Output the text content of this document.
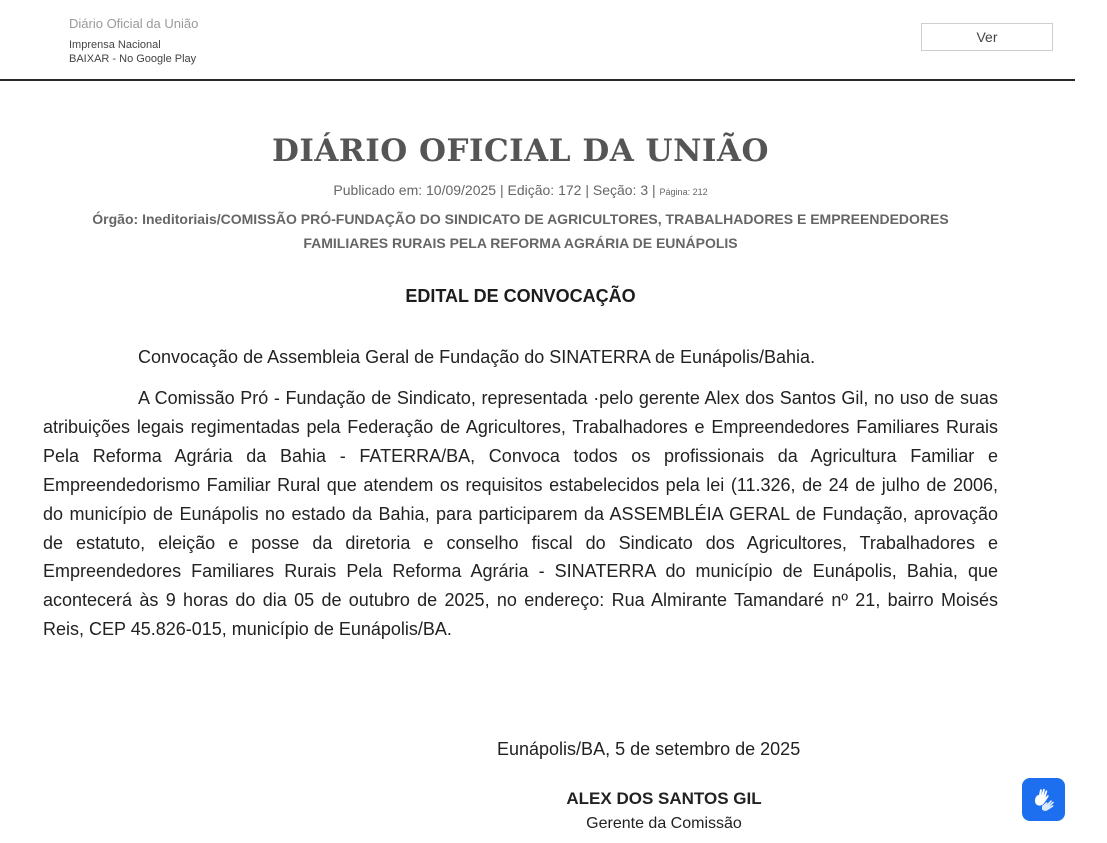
Diário Oficial da União
Imprensa Nacional
BAIXAR - No Google Play
Ver
DIÁRIO OFICIAL DA UNIÃO
Publicado em: 10/09/2025 | Edição: 172 | Seção: 3 | Página: 212
Órgão: Ineditoriais/COMISSÃO PRÓ-FUNDAÇÃO DO SINDICATO DE AGRICULTORES, TRABALHADORES E EMPREENDEDORES FAMILIARES RURAIS PELA REFORMA AGRÁRIA DE EUNÁPOLIS
EDITAL DE CONVOCAÇÃO
Convocação de Assembleia Geral de Fundação do SINATERRA de Eunápolis/Bahia.

A Comissão Pró - Fundação de Sindicato, representada ·pelo gerente Alex dos Santos Gil, no uso de suas atribuições legais regimentadas pela Federação de Agricultores, Trabalhadores e Empreendedores Familiares Rurais Pela Reforma Agrária da Bahia - FATERRA/BA, Convoca todos os profissionais da Agricultura Familiar e Empreendedorismo Familiar Rural que atendem os requisitos estabelecidos pela lei (11.326, de 24 de julho de 2006, do município de Eunápolis no estado da Bahia, para participarem da ASSEMBLÉIA GERAL de Fundação, aprovação de estatuto, eleição e posse da diretoria e conselho fiscal do Sindicato dos Agricultores, Trabalhadores e Empreendedores Familiares Rurais Pela Reforma Agrária - SINATERRA do município de Eunápolis, Bahia, que acontecerá às 9 horas do dia 05 de outubro de 2025, no endereço: Rua Almirante Tamandaré nº 21, bairro Moisés Reis, CEP 45.826-015, município de Eunápolis/BA.

Eunápolis/BA, 5 de setembro de 2025
ALEX DOS SANTOS GIL
Gerente da Comissão
